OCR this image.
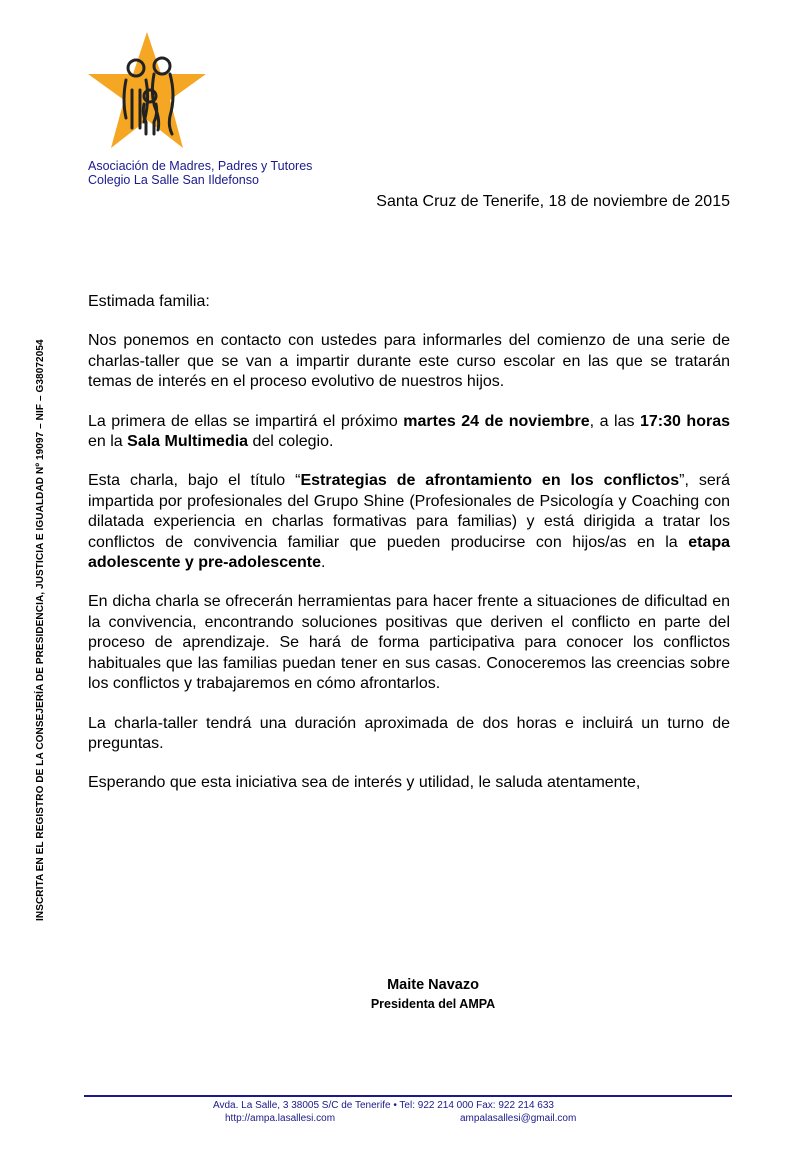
Asociación de Madres, Padres y Tutores
Colegio La Salle San Ildefonso
Santa Cruz de Tenerife, 18 de noviembre de 2015
INSCRITA EN EL REGISTRO DE LA CONSEJERÍA DE PRESIDENCIA, JUSTICIA E IGUALDAD Nº 19097 – NIF – G38072054

Estimada familia:

Nos ponemos en contacto con ustedes para informarles del comienzo de una serie de charlas-taller que se van a impartir durante este curso escolar en las que se tratarán temas de interés en el proceso evolutivo de nuestros hijos.

La primera de ellas se impartirá el próximo martes 24 de noviembre, a las 17:30 horas en la Sala Multimedia del colegio.

Esta charla, bajo el título “Estrategias de afrontamiento en los conflictos”, será impartida por profesionales del Grupo Shine (Profesionales de Psicología y Coaching con dilatada experiencia en charlas formativas para familias) y está dirigida a tratar los conflictos de convivencia familiar que pueden producirse con hijos/as en la etapa adolescente y pre-adolescente.

En dicha charla se ofrecerán herramientas para hacer frente a situaciones de dificultad en la convivencia, encontrando soluciones positivas que deriven el conflicto en parte del proceso de aprendizaje. Se hará de forma participativa para conocer los conflictos habituales que las familias puedan tener en sus casas. Conoceremos las creencias sobre los conflictos y trabajaremos en cómo afrontarlos.

La charla-taller tendrá una duración aproximada de dos horas e incluirá un turno de preguntas.

Esperando que esta iniciativa sea de interés y utilidad, le saluda atentamente,

Maite Navazo
Presidenta del AMPA
Avda. La Salle, 3 38005 S/C de Tenerife • Tel: 922 214 000 Fax: 922 214 633
http://ampa.lasallesi.com	ampalasallesi@gmail.com
